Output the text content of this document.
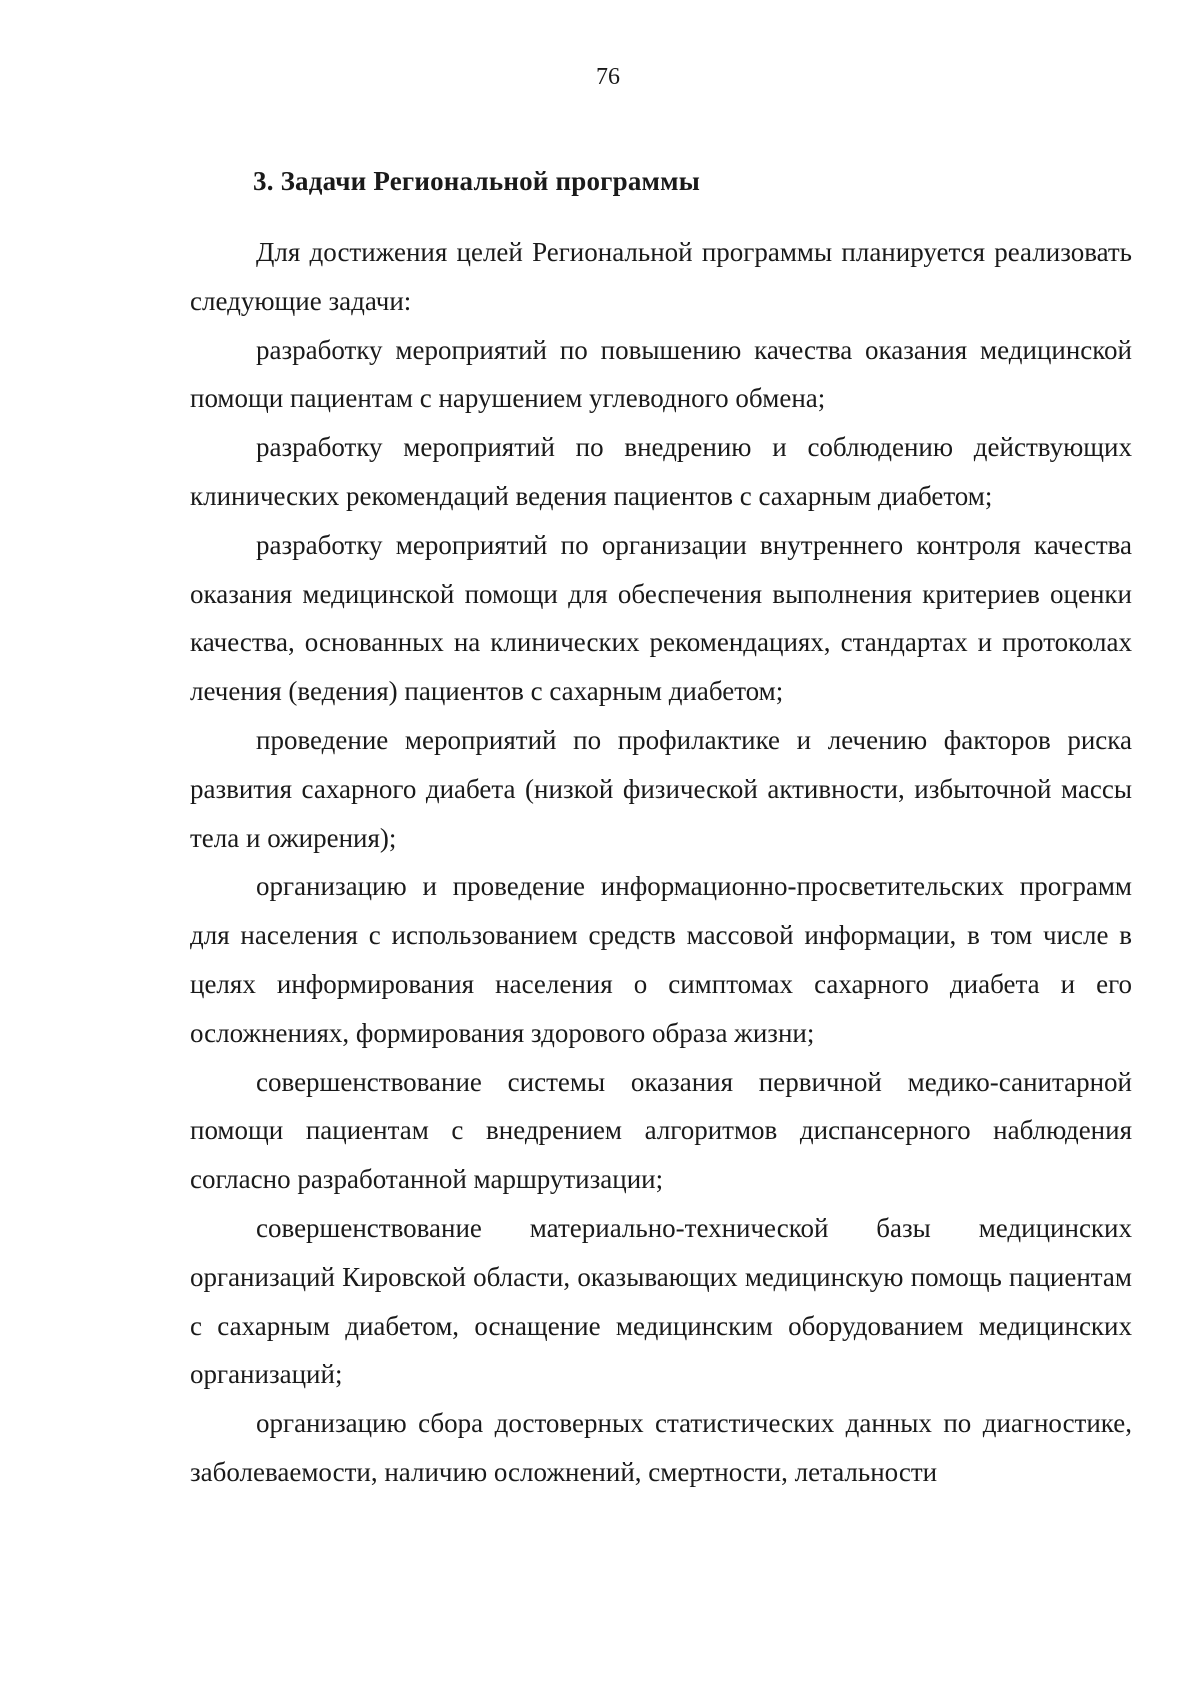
76
3. Задачи Региональной программы

Для достижения целей Региональной программы планируется реализовать следующие задачи:

разработку мероприятий по повышению качества оказания медицинской помощи пациентам с нарушением углеводного обмена;

разработку мероприятий по внедрению и соблюдению действующих клинических рекомендаций ведения пациентов с сахарным диабетом;

разработку мероприятий по организации внутреннего контроля качества оказания медицинской помощи для обеспечения выполнения критериев оценки качества, основанных на клинических рекомендациях, стандартах и протоколах лечения (ведения) пациентов с сахарным диабетом;

проведение мероприятий по профилактике и лечению факторов риска развития сахарного диабета (низкой физической активности, избыточной массы тела и ожирения);

организацию и проведение информационно-просветительских программ для населения с использованием средств массовой информации, в том числе в целях информирования населения о симптомах сахарного диабета и его осложнениях, формирования здорового образа жизни;

совершенствование системы оказания первичной медико-санитарной помощи пациентам с внедрением алгоритмов диспансерного наблюдения согласно разработанной маршрутизации;

совершенствование материально-технической базы медицинских организаций Кировской области, оказывающих медицинскую помощь пациентам с сахарным диабетом, оснащение медицинским оборудованием медицинских организаций;

организацию сбора достоверных статистических данных по диагностике, заболеваемости, наличию осложнений, смертности, летальности
